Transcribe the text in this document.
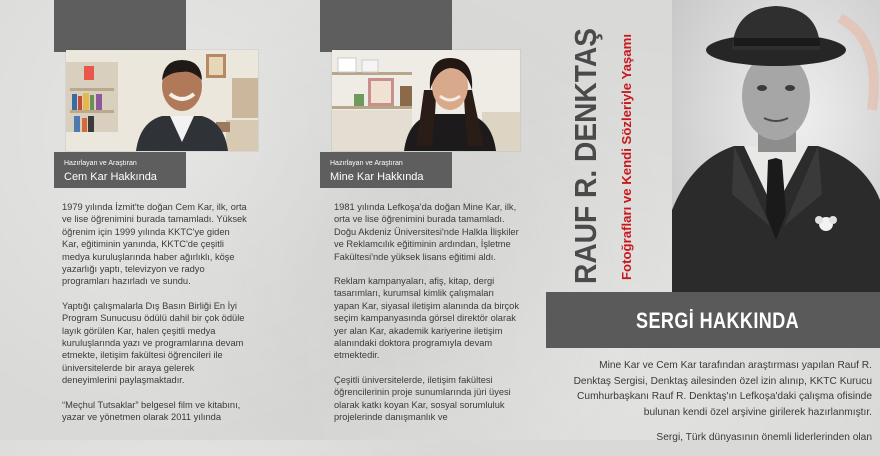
Hazırlayan ve Araştıran
Cem Kar Hakkında

1979 yılında İzmit'te doğan Cem Kar, ilk, orta ve lise öğrenimini burada tamamladı. Yüksek öğrenim için 1999 yılında KKTC'ye giden Kar, eğitiminin yanında, KKTC'de çeşitli medya kuruluşlarında haber ağırlıklı, köşe yazarlığı yaptı, televizyon ve radyo programları hazırladı ve sundu.

Yaptığı çalışmalarla Dış Basın Birliği En İyi Program Sunucusu ödülü dahil bir çok ödüle layık görülen Kar, halen çeşitli medya kuruluşlarında yazı ve programlarına devam etmekte, iletişim fakültesi öğrencileri ile üniversitelerde bir araya gelerek deneyimlerini paylaşmaktadır.

“Meçhul Tutsaklar” belgesel film ve kitabını, yazar ve yönetmen olarak 2011 yılında

Hazırlayan ve Araştıran
Mine Kar Hakkında

1981 yılında Lefkoşa'da doğan Mine Kar, ilk, orta ve lise öğrenimini burada tamamladı. Doğu Akdeniz Üniversitesi'nde Halkla İlişkiler ve Reklamcılık eğitiminin ardından, İşletme Fakültesi'nde yüksek lisans eğitimi aldı.

Reklam kampanyaları, afiş, kitap, dergi tasarımları, kurumsal kimlik çalışmaları yapan Kar, siyasal iletişim alanında da birçok seçim kampanyasında görsel direktör olarak yer alan Kar, akademik kariyerine iletişim alanındaki doktora programıyla devam etmektedir.

Çeşitli üniversitelerde, iletişim fakültesi öğrencilerinin proje sunumlarında jüri üyesi olarak katkı koyan Kar, sosyal sorumluluk projelerinde danışmanlık ve

RAUF R. DENKTAŞ Fotoğrafları ve Kendi Sözleriyle Yaşamı
SERGİ HAKKINDA

Mine Kar ve Cem Kar tarafından araştırması yapılan Rauf R. Denktaş Sergisi, Denktaş ailesinden özel izin alınıp, KKTC Kurucu Cumhurbaşkanı Rauf R. Denktaş'ın Lefkoşa'daki çalışma ofisinde bulunan kendi özel arşivine girilerek hazırlanmıştır.

Sergi, Türk dünyasının önemli liderlerinden olan
